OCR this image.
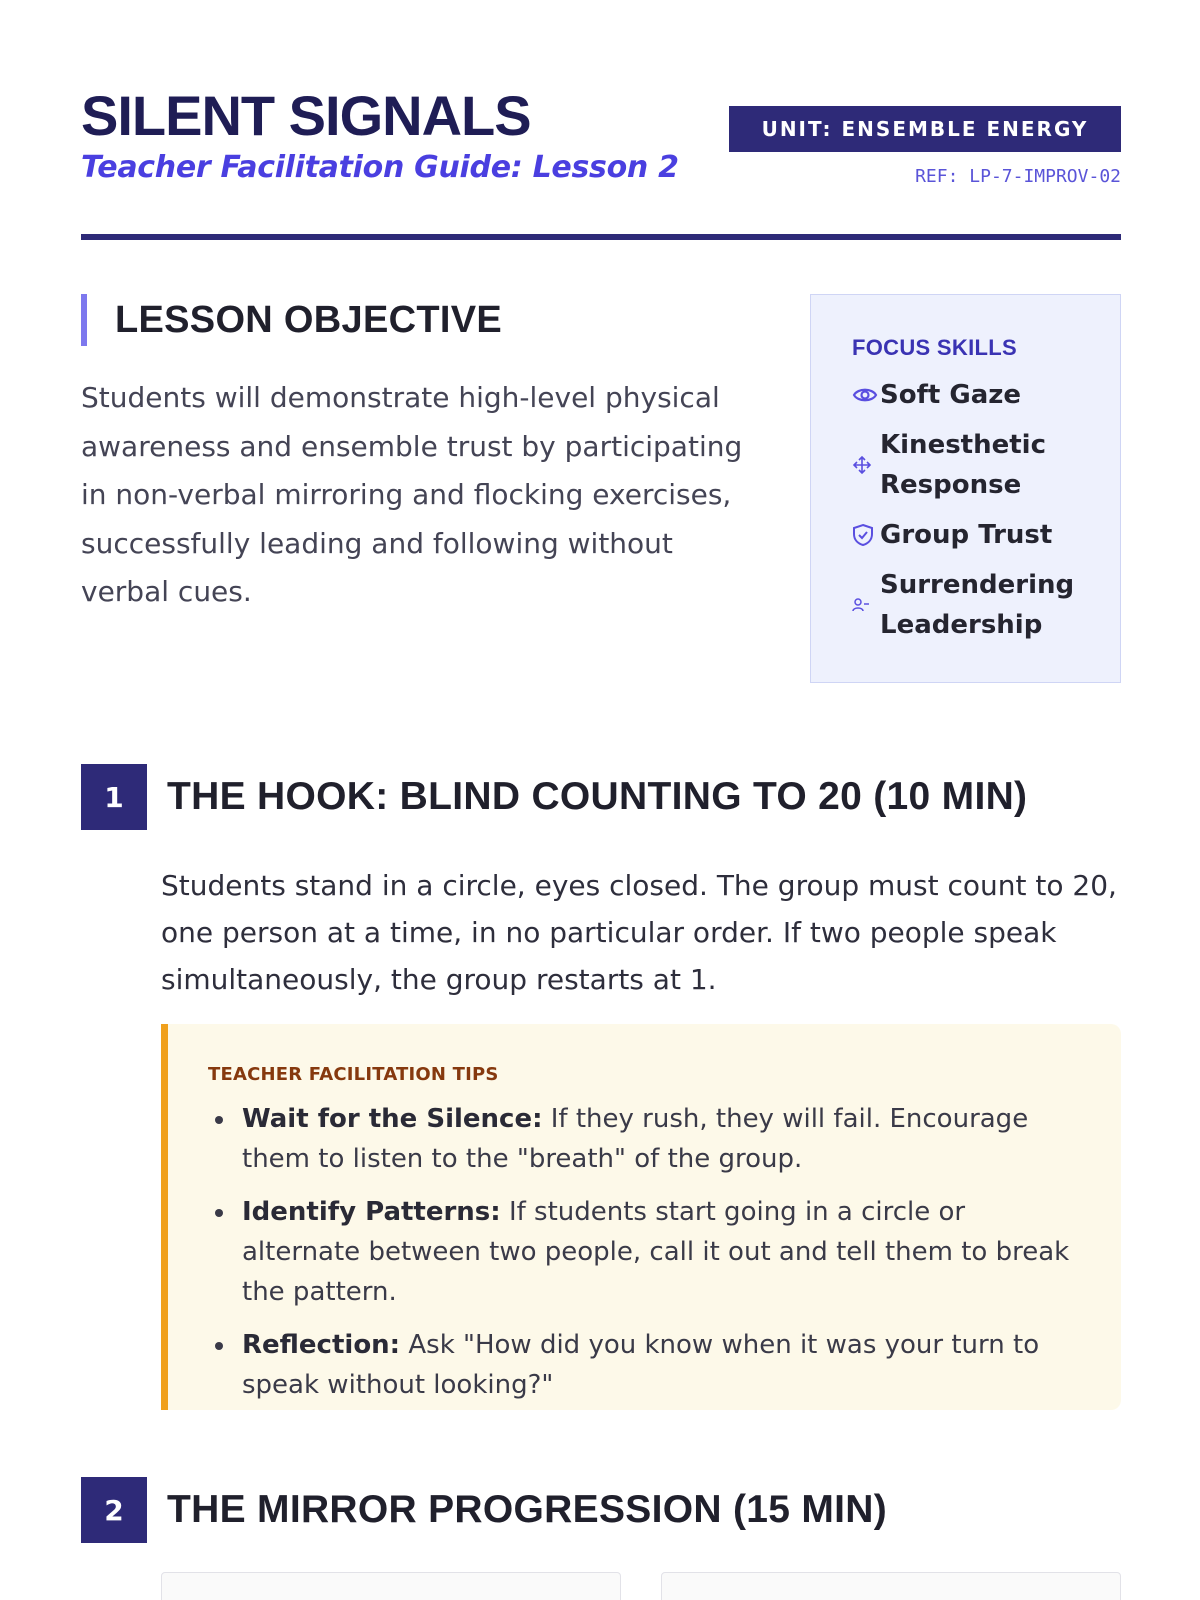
SILENT SIGNALS
Teacher Facilitation Guide: Lesson 2
UNIT: ENSEMBLE ENERGY
REF: LP-7-IMPROV-02
LESSON OBJECTIVE
Students will demonstrate high-level physical awareness and ensemble trust by participating in non-verbal mirroring and flocking exercises, successfully leading and following without verbal cues.
FOCUS SKILLS
Soft Gaze
Kinesthetic Response
Group Trust
Surrendering Leadership
1	THE HOOK: BLIND COUNTING TO 20 (10 MIN)
Students stand in a circle, eyes closed. The group must count to 20, one person at a time, in no particular order. If two people speak simultaneously, the group restarts at 1.
TEACHER FACILITATION TIPS
Wait for the Silence: If they rush, they will fail. Encourage them to listen to the "breath" of the group.
Identify Patterns: If students start going in a circle or alternate between two people, call it out and tell them to break the pattern.
Reflection: Ask "How did you know when it was your turn to speak without looking?"
2	THE MIRROR PROGRESSION (15 MIN)
